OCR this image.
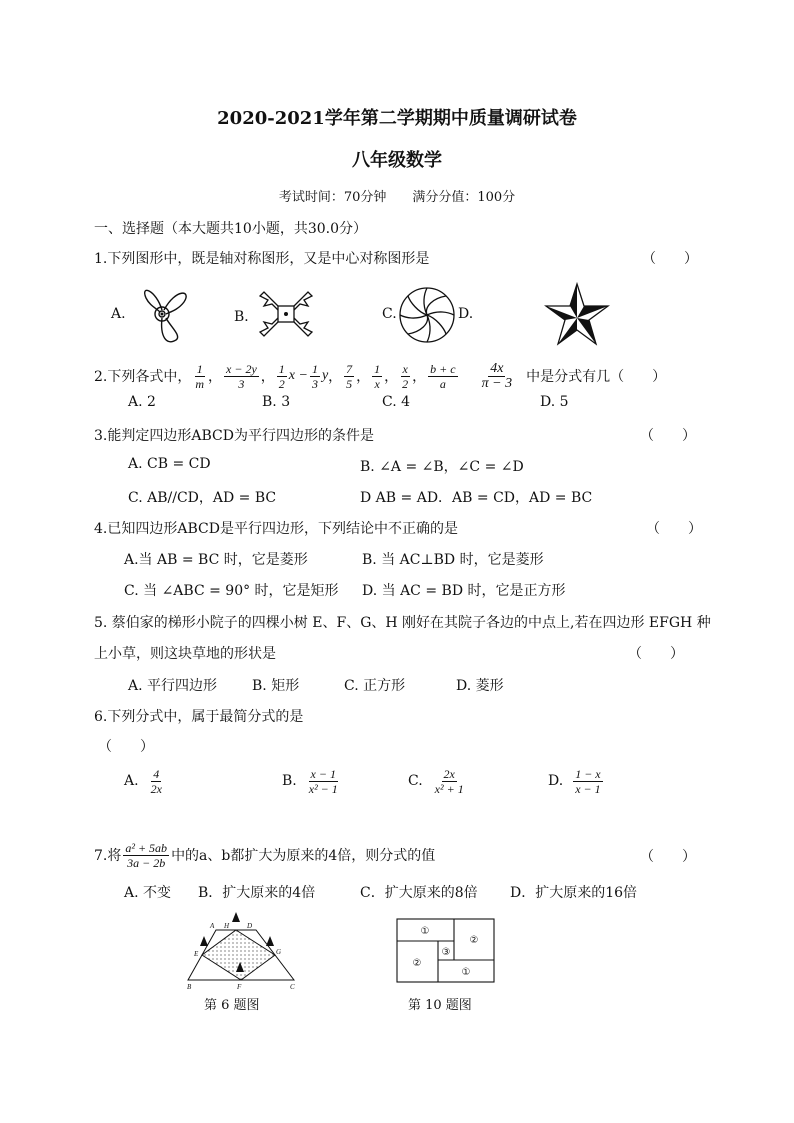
2020-2021学年第二学期期中质量调研试卷
八年级数学
考试时间：70分钟　　满分分值：100分
一、选择题（本大题共10小题，共30.0分）
1.下列图形中，既是轴对称图形，又是中心对称图形是	（　　）
A.	B．	C.	D.
2.下列各式中， $\frac{1}{m}$ ， $\frac{x - 2y}{3}$ ， $\frac{1}{2}$ $x - \frac{1}{3}$ y ， $\frac{7}{5}$ ， $\frac{1}{x}$ ， $\frac{x}{2}$ ， $\frac{b + c}{a} \frac{4x}{\pi - 3}$ 中是分式有几 （　　）
A. 2	B. 3	C. 4	D. 5
3.能判定四边形ABCD为平行四边形的条件是	（　　）
A. CB = CD	B. ∠A = ∠B，∠C = ∠D
C. AB//CD，AD = BC	D AB = AD．AB = CD，AD = BC
4.已知四边形ABCD是平行四边形，下列结论中不正确的是	（　　）
A.当 AB = BC 时，它是菱形	B. 当 AC⊥BD 时，它是菱形
C. 当 ∠ABC = 90° 时，它是矩形 D. 当 AC = BD 时，它是正方形
5. 蔡伯家的梯形小院子的四棵小树 E、F、G、H 刚好在其院子各边的中点上,若在四边形 EFGH 种
上小草，则这块草地的形状是	（　　）
A. 平行四边形 B. 矩形	C. 正方形	D. 菱形
6.下列分式中，属于最简分式的是
（　　）
A. $\frac{4}{2x}$	B. $\frac{x - 1}{\text{x² − 1}}$	C. $\frac{2x}{\text{x² + 1}}$	D. $\frac{1 - x}{x - 1}$
7.将 $\frac{\text{a² + 5ab}}{3a - 2b}$ 中的a、b都扩大为原来的4倍，则分式的值	（　　）
A. 不变 B．扩大原来的4倍	C．扩大原来的8倍 D．扩大原来的16倍
A H	D
E	G
B	F	C
第 6 题图
①
②
③
②
①
第 10 题图
